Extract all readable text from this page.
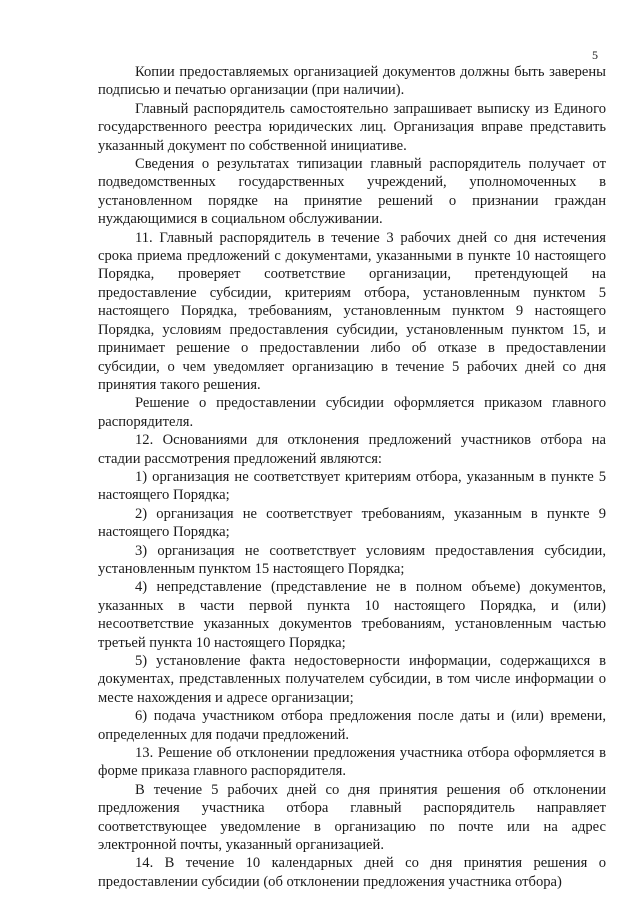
5

Копии предоставляемых организацией документов должны быть заверены подписью и печатью организации (при наличии).

Главный распорядитель самостоятельно запрашивает выписку из Единого государственного реестра юридических лиц. Организация вправе представить указанный документ по собственной инициативе.

Сведения о результатах типизации главный распорядитель получает от подведомственных государственных учреждений, уполномоченных в установленном порядке на принятие решений о признании граждан нуждающимися в социальном обслуживании.

11. Главный распорядитель в течение 3 рабочих дней со дня истечения срока приема предложений с документами, указанными в пункте 10 настоящего Порядка, проверяет соответствие организации, претендующей на предоставление субсидии, критериям отбора, установленным пунктом 5 настоящего Порядка, требованиям, установленным пунктом 9 настоящего Порядка, условиям предоставления субсидии, установленным пунктом 15, и принимает решение о предоставлении либо об отказе в предоставлении субсидии, о чем уведомляет организацию в течение 5 рабочих дней со дня принятия такого решения.

Решение о предоставлении субсидии оформляется приказом главного распорядителя.

12. Основаниями для отклонения предложений участников отбора на стадии рассмотрения предложений являются:

1) организация не соответствует критериям отбора, указанным в пункте 5 настоящего Порядка;

2) организация не соответствует требованиям, указанным в пункте 9 настоящего Порядка;

3) организация не соответствует условиям предоставления субсидии, установленным пунктом 15 настоящего Порядка;

4) непредставление (представление не в полном объеме) документов, указанных в части первой пункта 10 настоящего Порядка, и (или) несоответствие указанных документов требованиям, установленным частью третьей пункта 10 настоящего Порядка;

5) установление факта недостоверности информации, содержащихся в документах, представленных получателем субсидии, в том числе информации о месте нахождения и адресе организации;

6) подача участником отбора предложения после даты и (или) времени, определенных для подачи предложений.

13. Решение об отклонении предложения участника отбора оформляется в форме приказа главного распорядителя.

В течение 5 рабочих дней со дня принятия решения об отклонении предложения участника отбора главный распорядитель направляет соответствующее уведомление в организацию по почте или на адрес электронной почты, указанный организацией.

14. В течение 10 календарных дней со дня принятия решения о предоставлении субсидии (об отклонении предложения участника отбора)
